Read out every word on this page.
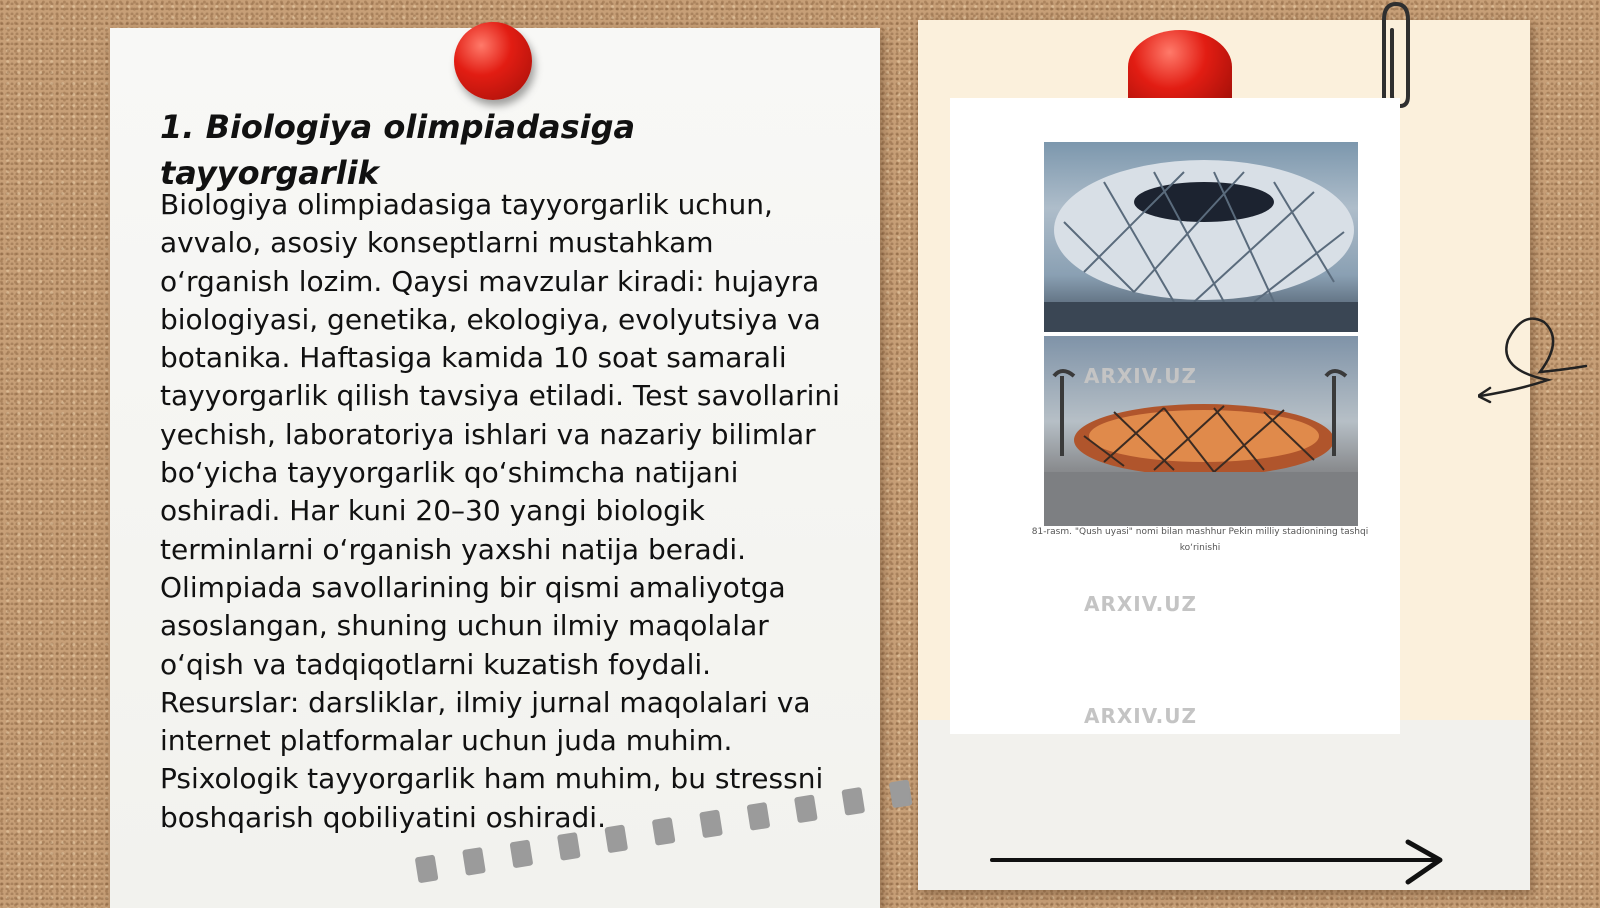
1. Biologiya olimpiadasiga tayyorgarlik

Biologiya olimpiadasiga tayyorgarlik uchun, avvalo, asosiy konseptlarni mustahkam o‘rganish lozim. Qaysi mavzular kiradi: hujayra biologiyasi, genetika, ekologiya, evolyutsiya va botanika. Haftasiga kamida 10 soat samarali tayyorgarlik qilish tavsiya etiladi. Test savollarini yechish, laboratoriya ishlari va nazariy bilimlar bo‘yicha tayyorgarlik qo‘shimcha natijani oshiradi. Har kuni 20–30 yangi biologik terminlarni o‘rganish yaxshi natija beradi. Olimpiada savollarining bir qismi amaliyotga asoslangan, shuning uchun ilmiy maqolalar o‘qish va tadqiqotlarni kuzatish foydali. Resurslar: darsliklar, ilmiy jurnal maqolalari va internet platformalar uchun juda muhim. Psixologik tayyorgarlik ham muhim, bu stressni boshqarish qobiliyatini oshiradi.

81-rasm. "Qush uyasi" nomi bilan mashhur Pekin milliy stadionining tashqi ko‘rinishi
ARXIV.UZ
ARXIV.UZ
ARXIV.UZ
